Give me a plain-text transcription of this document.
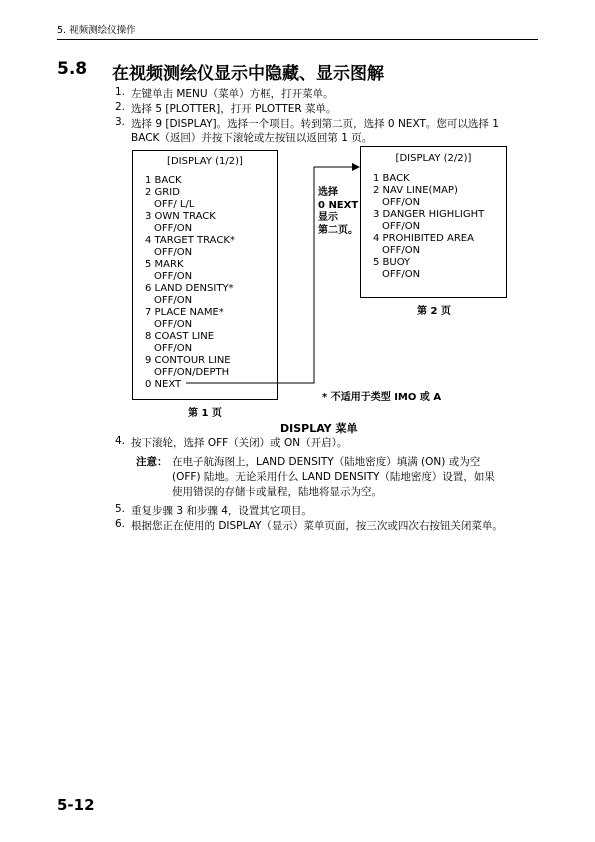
5. 视频测绘仪操作
5.8 在视频测绘仪显示中隐藏、显示图解
1. 左键单击 MENU（菜单）方框，打开菜单。
2. 选择 5 [PLOTTER]，打开 PLOTTER 菜单。
3. 选择 9 [DISPLAY]。选择一个项目。转到第二页，选择 0 NEXT。您可以选择 1
BACK（返回）并按下滚轮或左按钮以返回第 1 页。
[DISPLAY (1/2)]
1 BACK
2 GRID
OFF/ L/L
3 OWN TRACK
OFF/ON
4 TARGET TRACK*
OFF/ON
5 MARK
OFF/ON
6 LAND DENSITY*
OFF/ON
7 PLACE NAME*
OFF/ON
8 COAST LINE
OFF/ON
9 CONTOUR LINE
OFF/ON/DEPTH
0 NEXT
第 1 页
[DISPLAY (2/2)]
1 BACK
2 NAV LINE(MAP)
OFF/ON
3 DANGER HIGHLIGHT
OFF/ON
4 PROHIBITED AREA
OFF/ON
5 BUOY
OFF/ON
第 2 页
选择
0 NEXT
显示
第二页。
* 不适用于类型 IMO 或 A
DISPLAY 菜单
4. 按下滚轮，选择 OFF（关闭）或 ON（开启）。
注意： 在电子航海图上，LAND DENSITY（陆地密度）填满 (ON) 或为空
(OFF) 陆地。无论采用什么 LAND DENSITY（陆地密度）设置，如果
使用错误的存储卡或量程，陆地将显示为空。
5. 重复步骤 3 和步骤 4，设置其它项目。
6. 根据您正在使用的 DISPLAY（显示）菜单页面，按三次或四次右按钮关闭菜单。
5-12
